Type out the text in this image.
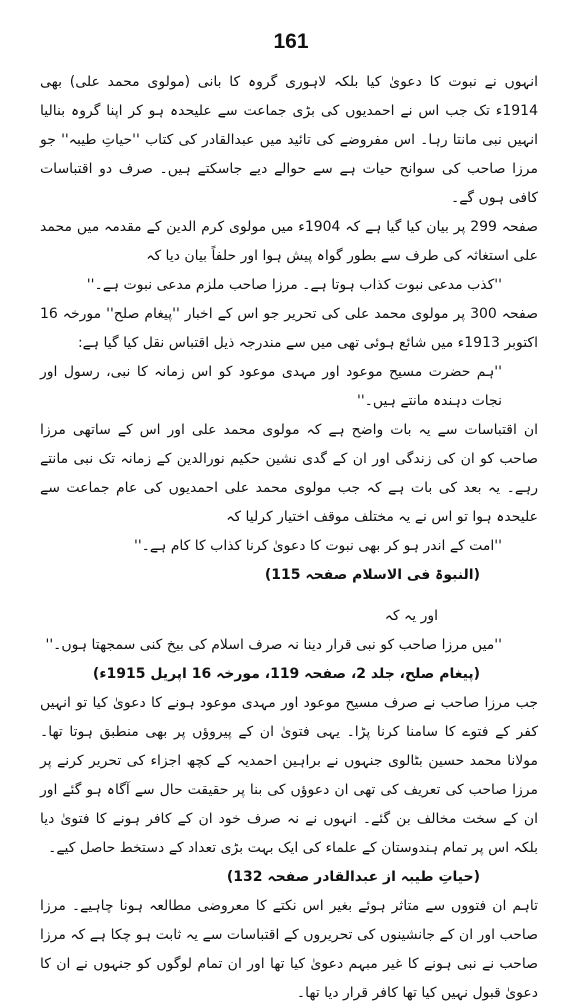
161

انہوں نے نبوت کا دعویٰ کیا بلکہ لاہوری گروہ کا بانی (مولوی محمد علی) بھی 1914ء تک جب اس نے احمدیوں کی بڑی جماعت سے علیحدہ ہو کر اپنا گروہ بنالیا انہیں نبی مانتا رہا۔ اس مفروضے کی تائید میں عبدالقادر کی کتاب ''حیاتِ طیبہ'' جو مرزا صاحب کی سوانح حیات ہے سے حوالے دیے جاسکتے ہیں۔ صرف دو اقتباسات کافی ہوں گے۔

صفحہ 299 پر بیان کیا گیا ہے کہ 1904ء میں مولوی کرم الدین کے مقدمہ میں محمد علی استغاثہ کی طرف سے بطور گواہ پیش ہوا اور حلفاً بیان دیا کہ

''کذب مدعی نبوت کذاب ہوتا ہے۔ مرزا صاحب ملزم مدعی نبوت ہے۔''

صفحہ 300 پر مولوی محمد علی کی تحریر جو اس کے اخبار ''پیغام صلح'' مورخہ 16 اکتوبر 1913ء میں شائع ہوئی تھی میں سے مندرجہ ذیل اقتباس نقل کیا گیا ہے:

''ہم حضرت مسیح موعود اور مہدی موعود کو اس زمانہ کا نبی، رسول اور نجات دہندہ مانتے ہیں۔''

ان اقتباسات سے یہ بات واضح ہے کہ مولوی محمد علی اور اس کے ساتھی مرزا صاحب کو ان کی زندگی اور ان کے گدی نشین حکیم نورالدین کے زمانہ تک نبی مانتے رہے۔ یہ بعد کی بات ہے کہ جب مولوی محمد علی احمدیوں کی عام جماعت سے علیحدہ ہوا تو اس نے یہ مختلف موقف اختیار کرلیا کہ

''امت کے اندر ہو کر بھی نبوت کا دعویٰ کرنا کذاب کا کام ہے۔''

(النبوۃ فی الاسلام صفحہ 115)

اور یہ کہ

''میں مرزا صاحب کو نبی قرار دینا نہ صرف اسلام کی بیخ کنی سمجھتا ہوں۔''

(پیغام صلح، جلد 2، صفحہ 119، مورخہ 16 اپریل 1915ء)

جب مرزا صاحب نے صرف مسیح موعود اور مہدی موعود ہونے کا دعویٰ کیا تو انہیں کفر کے فتوے کا سامنا کرنا پڑا۔ یہی فتویٰ ان کے پیروؤں پر بھی منطبق ہوتا تھا۔ مولانا محمد حسین بٹالوی جنہوں نے براہین احمدیہ کے کچھ اجزاء کی تحریر کرنے پر مرزا صاحب کی تعریف کی تھی ان دعوؤں کی بنا پر حقیقت حال سے آگاہ ہو گئے اور ان کے سخت مخالف بن گئے۔ انہوں نے نہ صرف خود ان کے کافر ہونے کا فتویٰ دیا بلکہ اس پر تمام ہندوستان کے علماء کی ایک بہت بڑی تعداد کے دستخط حاصل کیے۔

(حیاتِ طیبہ از عبدالقادر صفحہ 132)

تاہم ان فتووں سے متاثر ہوئے بغیر اس نکتے کا معروضی مطالعہ ہونا چاہیے۔ مرزا صاحب اور ان کے جانشینوں کی تحریروں کے اقتباسات سے یہ ثابت ہو چکا ہے کہ مرزا صاحب نے نبی ہونے کا غیر مبہم دعویٰ کیا تھا اور ان تمام لوگوں کو جنہوں نے ان کا دعویٰ قبول نہیں کیا تھا کافر قرار دیا تھا۔
